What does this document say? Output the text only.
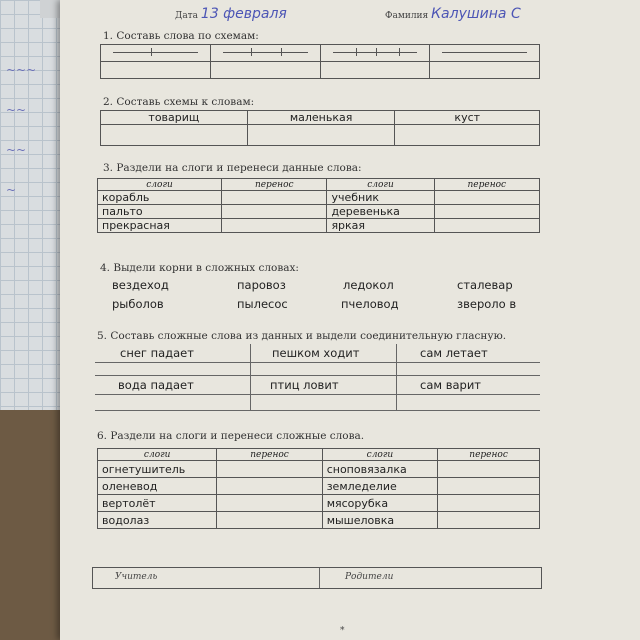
~~~
~~
~~
~
Дата 13 февраля	Фамилия Калушина С
1. Составь слова по схемам:

2. Составь схемы к словам:
товарищ	маленькая	куст

3. Раздели на слоги и перенеси данные слова:
слоги	перенос	слоги	перенос
корабль		учебник	
пальто		деревенька	
прекрасная		яркая	
4. Выдели корни в сложных словах:
вездеход	паровоз	ледокол	сталевар
рыболов	пылесос	пчеловод	звероло в
5. Составь сложные слова из данных и выдели соединительную гласную.
снег падает	пешком ходит	сам летает
вода падает	птиц ловит	сам варит
6. Раздели на слоги и перенеси сложные слова.
слоги	перенос	слоги	перенос
огнетушитель		сноповязалка	
оленевод		земледелие	
вертолёт		мясорубка	
водолаз		мышеловка	
Учитель	Родители
*
